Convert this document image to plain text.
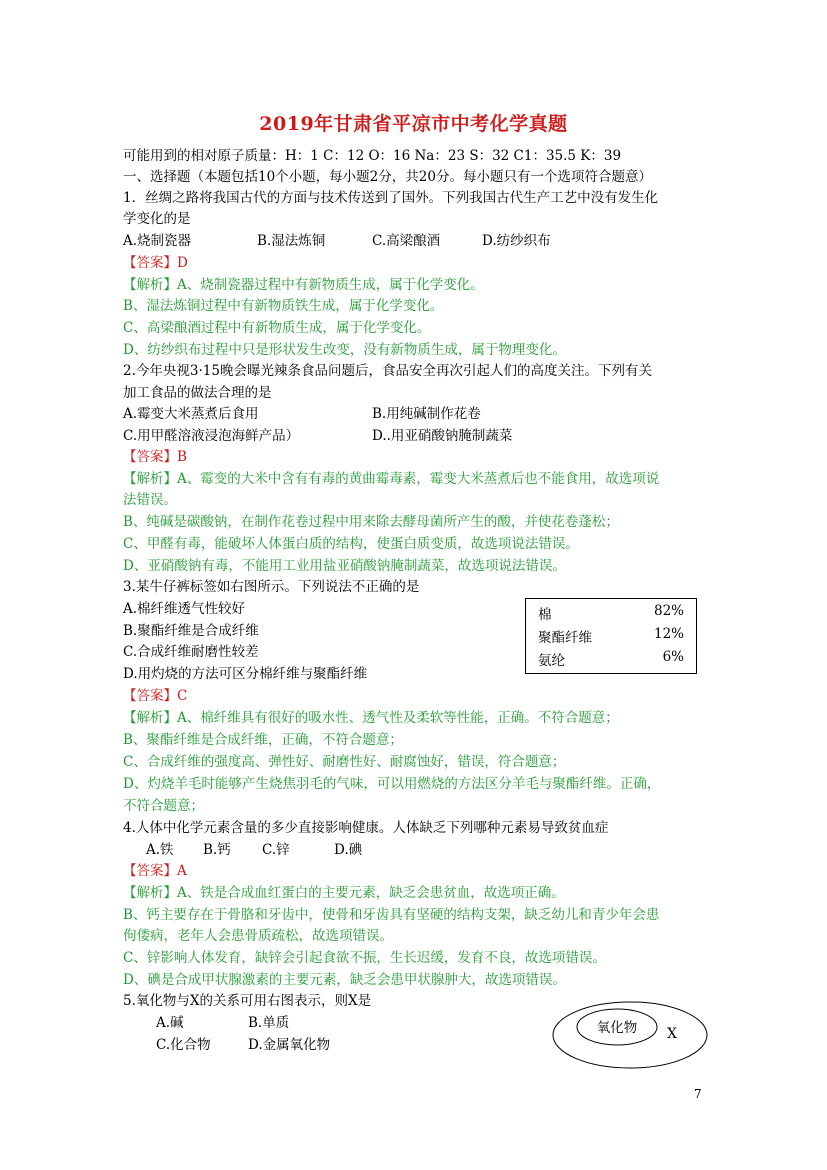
2019年甘肃省平凉市中考化学真题
可能用到的相对原子质量：H：1 C：12 O：16 Na：23 S：32 C1：35.5 K：39
一、选择题（本题包括10个小题，每小题2分，共20分。每小题只有一个选项符合题意）
1．丝绸之路将我国古代的方面与技术传送到了国外。下列我国古代生产工艺中没有发生化
学变化的是
A.烧制瓷器	B.湿法炼铜	C.高梁酿酒	D.纺纱织布
【答案】D
【解析】A、烧制瓷器过程中有新物质生成，属于化学变化。
B、湿法炼铜过程中有新物质铁生成，属于化学变化。
C、高梁酿酒过程中有新物质生成，属于化学变化。
D、纺纱织布过程中只是形状发生改变，没有新物质生成，属于物理变化。
2.今年央视3·15晚会曝光辣条食品问题后，食品安全再次引起人们的高度关注。下列有关
加工食品的做法合理的是
A.霉变大米蒸煮后食用	B.用纯碱制作花卷
C.用甲醛溶液浸泡海鲜产品）	D..用亚硝酸钠腌制蔬菜
【答案】B
【解析】A、霉变的大米中含有有毒的黄曲霉毒素，霉变大米蒸煮后也不能食用，故选项说
法错误。
B、纯碱是碳酸钠，在制作花卷过程中用来除去酵母菌所产生的酸，并使花卷蓬松；
C、甲醛有毒，能破坏人体蛋白质的结构，使蛋白质变质，故选项说法错误。
D、亚硝酸钠有毒，不能用工业用盐亚硝酸钠腌制蔬菜，故选项说法错误。
3.某牛仔裤标签如右图所示。下列说法不正确的是
A.棉纤维透气性较好
B.聚酯纤维是合成纤维
C.合成纤维耐磨性较差
D.用灼烧的方法可区分棉纤维与聚酯纤维
棉	82%
聚酯纤维	12%
氨纶	6%
【答案】C
【解析】A、棉纤维具有很好的吸水性、透气性及柔软等性能，正确。不符合题意；
B、聚酯纤维是合成纤维，正确，不符合题意；
C、合成纤维的强度高、弹性好、耐磨性好、耐腐蚀好，错误，符合题意；
D、灼烧羊毛时能够产生烧焦羽毛的气味，可以用燃烧的方法区分羊毛与聚酯纤维。正确，
不符合题意；
4.人体中化学元素含量的多少直接影响健康。人体缺乏下列哪种元素易导致贫血症
A.铁 B.钙 C.锌	D.碘
【答案】A
【解析】A、铁是合成血红蛋白的主要元素，缺乏会患贫血，故选项正确。
B、钙主要存在于骨胳和牙齿中，使骨和牙齿具有坚硬的结构支架，缺乏幼儿和青少年会患
佝偻病，老年人会患骨质疏松，故选项错误。
C、锌影响人体发育，缺锌会引起食欲不振，生长迟缓，发育不良，故选项错误。
D、碘是合成甲状腺激素的主要元素，缺乏会患甲状腺肿大，故选项错误。
5.氧化物与X的关系可用右图表示，则X是
A.碱	B.单质
C.化合物	D.金属氧化物
氧化物 X
7
